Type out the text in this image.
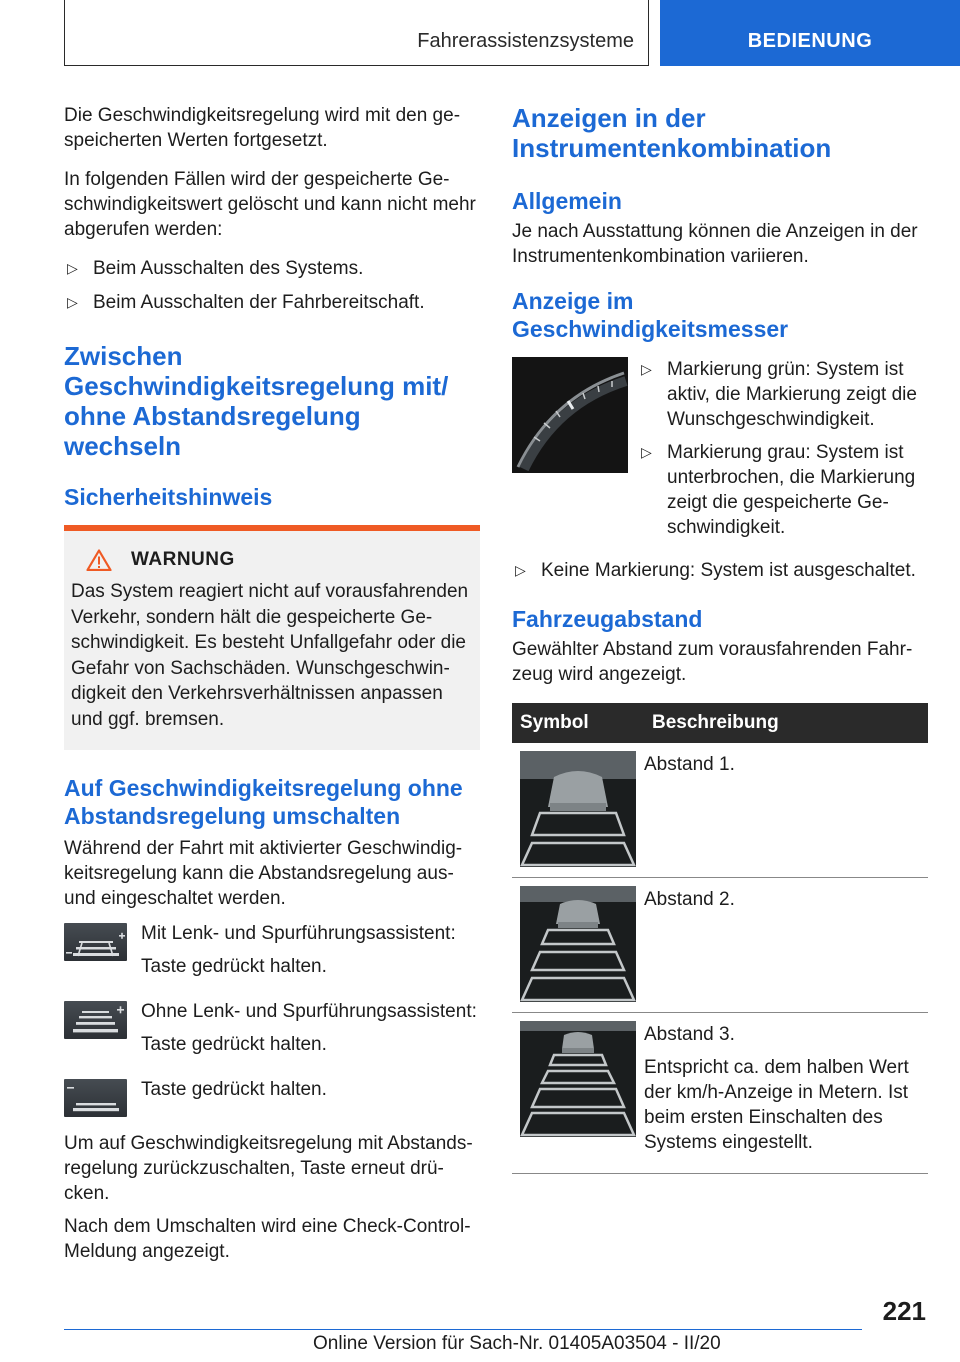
Fahrerassistenzsysteme	BEDIENUNG

Die Geschwindigkeitsregelung wird mit den ge-speicherten Werten fortgesetzt.

In folgenden Fällen wird der gespeicherte Ge-schwindigkeitswert gelöscht und kann nicht mehr abgerufen werden:

▷ Beim Ausschalten des Systems.
▷ Beim Ausschalten der Fahrbereitschaft.
Zwischen
Geschwindigkeitsregelung mit/
ohne Abstandsregelung
wechseln
Sicherheitshinweis
WARNUNG

Das System reagiert nicht auf vorausfahrenden Verkehr, sondern hält die gespeicherte Ge-schwindigkeit. Es besteht Unfallgefahr oder die Gefahr von Sachschäden. Wunschgeschwin-digkeit den Verkehrsverhältnissen anpassen und ggf. bremsen.

Auf Geschwindigkeitsregelung ohne
Abstandsregelung umschalten

Während der Fahrt mit aktivierter Geschwindig-keitsregelung kann die Abstandsregelung aus- und eingeschaltet werden.

Mit Lenk- und Spurführungsassistent:

Taste gedrückt halten.

Ohne Lenk- und Spurführungsassistent:

Taste gedrückt halten.

Taste gedrückt halten.

Um auf Geschwindigkeitsregelung mit Abstands-regelung zurückzuschalten, Taste erneut drü-cken.

Nach dem Umschalten wird eine Check-Control-Meldung angezeigt.

Anzeigen in der
Instrumentenkombination
Allgemein

Je nach Ausstattung können die Anzeigen in der Instrumentenkombination variieren.

Anzeige im
Geschwindigkeitsmesser
▷ Markierung grün: System ist aktiv, die Markierung zeigt die Wunschgeschwindigkeit.
▷ Markierung grau: System ist unterbrochen, die Markierung zeigt die gespeicherte Ge-schwindigkeit.
▷ Keine Markierung: System ist ausgeschaltet.
Fahrzeugabstand

Gewählter Abstand zum vorausfahrenden Fahr-zeug wird angezeigt.

Symbol	Beschreibung

Abstand 1.

Abstand 2.

Abstand 3.

Entspricht ca. dem halben Wert der km/h-Anzeige in Metern. Ist beim ersten Einschalten des Systems eingestellt.

221
Online Version für Sach-Nr. 01405A03504 - II/20
